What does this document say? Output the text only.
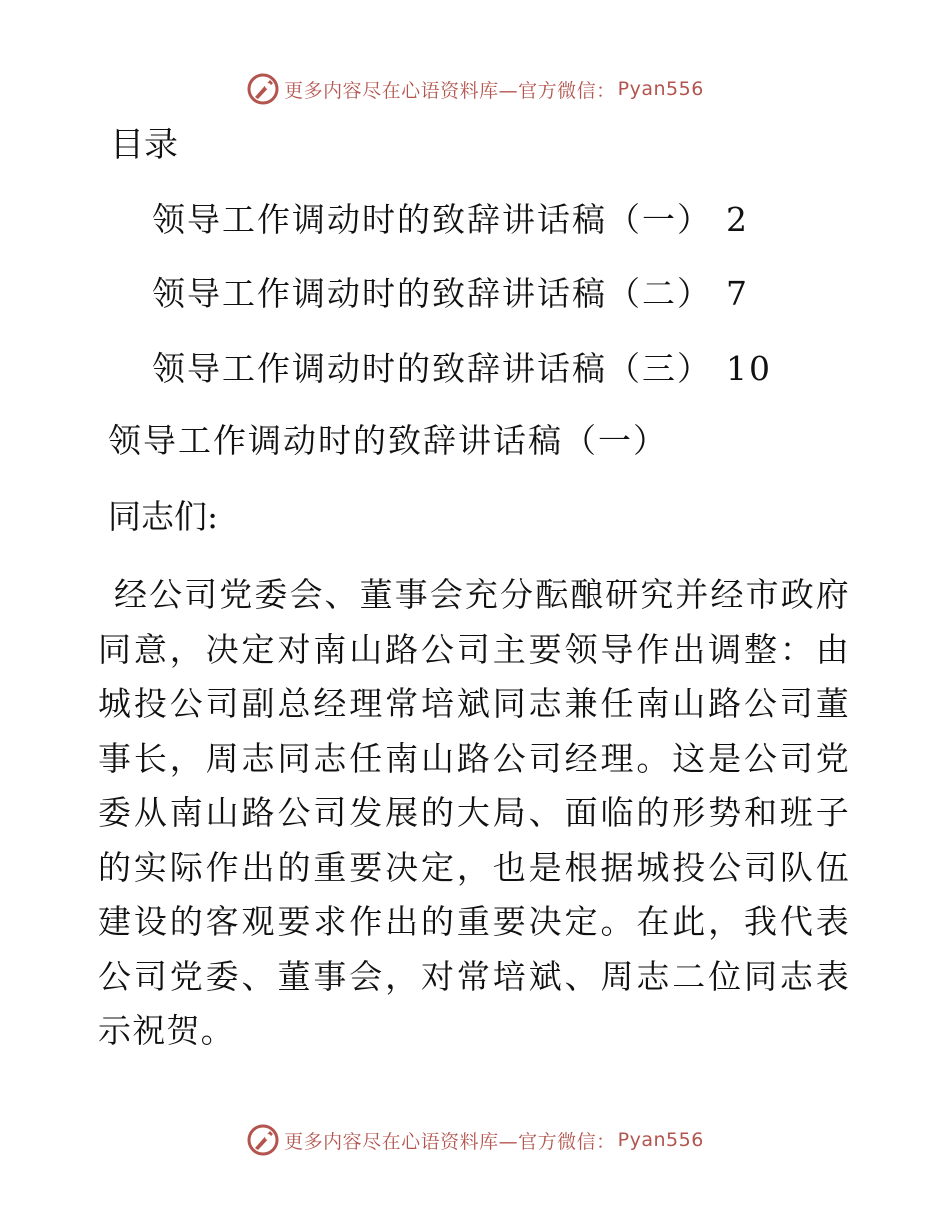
更多内容尽在心语资料库—官方微信： Pyan556
目录
领导工作调动时的致辞讲话稿（一） 2
领导工作调动时的致辞讲话稿（二） 7
领导工作调动时的致辞讲话稿（三） 10
领导工作调动时的致辞讲话稿（一）
同志们:

经公司党委会、董事会充分酝酿研究并经市政府同意，决定对南山路公司主要领导作出调整：由城投公司副总经理常培斌同志兼任南山路公司董事长，周志同志任南山路公司经理。这是公司党委从南山路公司发展的大局、面临的形势和班子的实际作出的重要决定，也是根据城投公司队伍建设的客观要求作出的重要决定。在此，我代表公司党委、董事会，对常培斌、周志二位同志表示祝贺。

更多内容尽在心语资料库—官方微信： Pyan556
